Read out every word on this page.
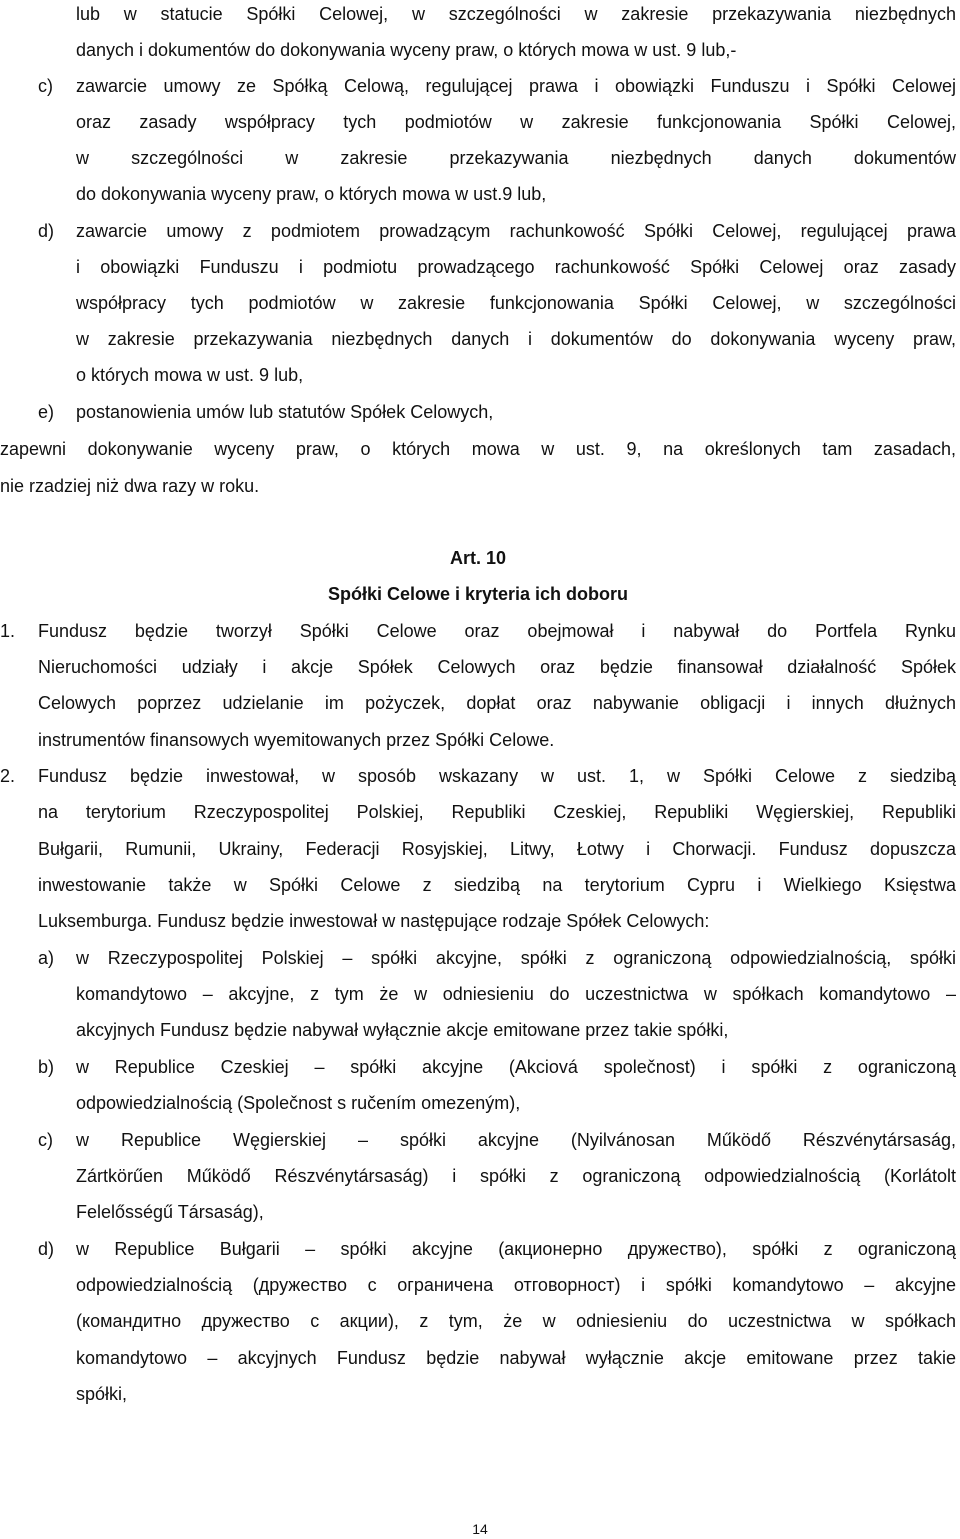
lub w statucie Spółki Celowej, w szczególności w zakresie przekazywania niezbędnych
danych i dokumentów do dokonywania wyceny praw, o których mowa w ust. 9 lub,-
c)	zawarcie umowy ze Spółką Celową, regulującej prawa i obowiązki Funduszu i Spółki Celowej
oraz zasady współpracy tych podmiotów w zakresie funkcjonowania Spółki Celowej,
w szczególności w zakresie przekazywania niezbędnych danych dokumentów
do dokonywania wyceny praw, o których mowa w ust.9 lub,
d)	zawarcie umowy z podmiotem prowadzącym rachunkowość Spółki Celowej, regulującej prawa
i obowiązki Funduszu i podmiotu prowadzącego rachunkowość Spółki Celowej oraz zasady
współpracy tych podmiotów w zakresie funkcjonowania Spółki Celowej, w szczególności
w zakresie przekazywania niezbędnych danych i dokumentów do dokonywania wyceny praw,
o których mowa w ust. 9 lub,
e)	postanowienia umów lub statutów Spółek Celowych,
zapewni dokonywanie wyceny praw, o których mowa w ust. 9, na określonych tam zasadach,
nie rzadziej niż dwa razy w roku.
Art. 10
Spółki Celowe i kryteria ich doboru
1.	Fundusz będzie tworzył Spółki Celowe oraz obejmował i nabywał do Portfela Rynku
Nieruchomości udziały i akcje Spółek Celowych oraz będzie finansował działalność Spółek
Celowych poprzez udzielanie im pożyczek, dopłat oraz nabywanie obligacji i innych dłużnych
instrumentów finansowych wyemitowanych przez Spółki Celowe.
2.	Fundusz będzie inwestował, w sposób wskazany w ust. 1, w Spółki Celowe z siedzibą
na terytorium Rzeczypospolitej Polskiej, Republiki Czeskiej, Republiki Węgierskiej, Republiki
Bułgarii, Rumunii, Ukrainy, Federacji Rosyjskiej, Litwy, Łotwy i Chorwacji. Fundusz dopuszcza
inwestowanie także w Spółki Celowe z siedzibą na terytorium Cypru i Wielkiego Księstwa
Luksemburga. Fundusz będzie inwestował w następujące rodzaje Spółek Celowych:
a)	w Rzeczypospolitej Polskiej – spółki akcyjne, spółki z ograniczoną odpowiedzialnością, spółki
komandytowo – akcyjne, z tym że w odniesieniu do uczestnictwa w spółkach komandytowo –
akcyjnych Fundusz będzie nabywał wyłącznie akcje emitowane przez takie spółki,
b)	w Republice Czeskiej – spółki akcyjne (Akciová společnost) i spółki z ograniczoną
odpowiedzialnością (Společnost s ručením omezeným),
c)	w Republice Węgierskiej – spółki akcyjne (Nyilvánosan Működő Részvénytársaság,
Zártkörűen Működő Részvénytársaság) i spółki z ograniczoną odpowiedzialnością (Korlátolt
Felelősségű Társaság),
d)	w Republice Bułgarii – spółki akcyjne (акционерно дружество), spółki z ograniczoną
odpowiedzialnością (дружество с ограничена отговорност) i spółki komandytowo – akcyjne
(командитно дружество с акции), z tym, że w odniesieniu do uczestnictwa w spółkach
komandytowo – akcyjnych Fundusz będzie nabywał wyłącznie akcje emitowane przez takie
spółki,
14
